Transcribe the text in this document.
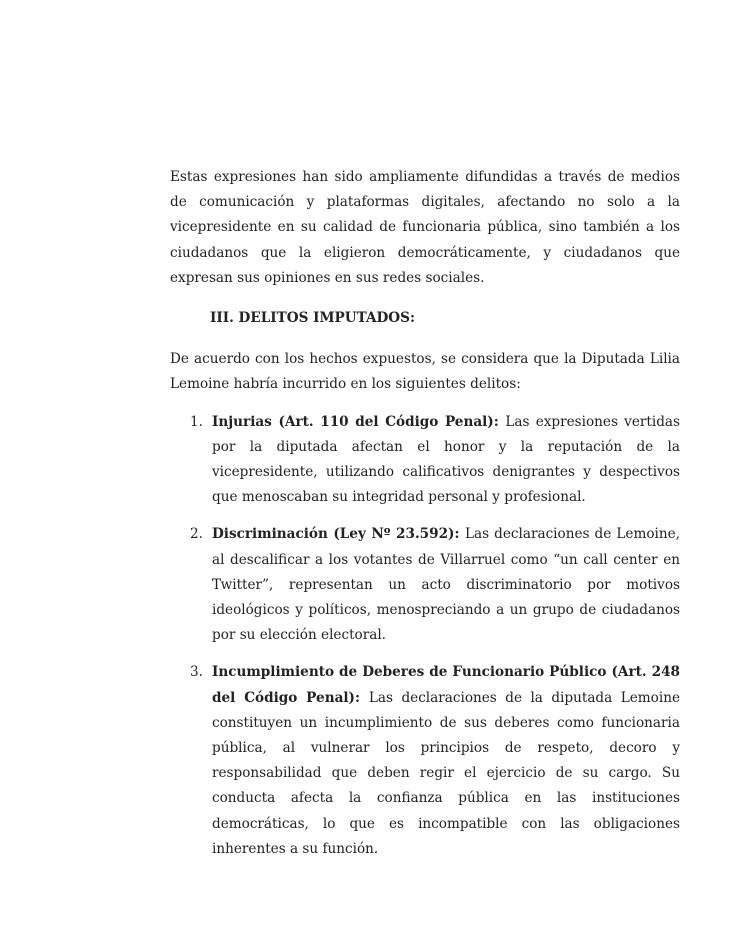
Estas expresiones han sido ampliamente difundidas a través de medios de comunicación y plataformas digitales, afectando no solo a la vicepresidente en su calidad de funcionaria pública, sino también a los ciudadanos que la eligieron democráticamente, y ciudadanos que expresan sus opiniones en sus redes sociales.

III. DELITOS IMPUTADOS:

De acuerdo con los hechos expuestos, se considera que la Diputada Lilia Lemoine habría incurrido en los siguientes delitos:

1. Injurias (Art. 110 del Código Penal): Las expresiones vertidas por la diputada afectan el honor y la reputación de la vicepresidente, utilizando calificativos denigrantes y despectivos que menoscaban su integridad personal y profesional.
2. Discriminación (Ley Nº 23.592): Las declaraciones de Lemoine, al descalificar a los votantes de Villarruel como “un call center en Twitter”, representan un acto discriminatorio por motivos ideológicos y políticos, menospreciando a un grupo de ciudadanos por su elección electoral.
3. Incumplimiento de Deberes de Funcionario Público (Art. 248 del Código Penal): Las declaraciones de la diputada Lemoine constituyen un incumplimiento de sus deberes como funcionaria pública, al vulnerar los principios de respeto, decoro y responsabilidad que deben regir el ejercicio de su cargo. Su conducta afecta la confianza pública en las instituciones democráticas, lo que es incompatible con las obligaciones inherentes a su función.
